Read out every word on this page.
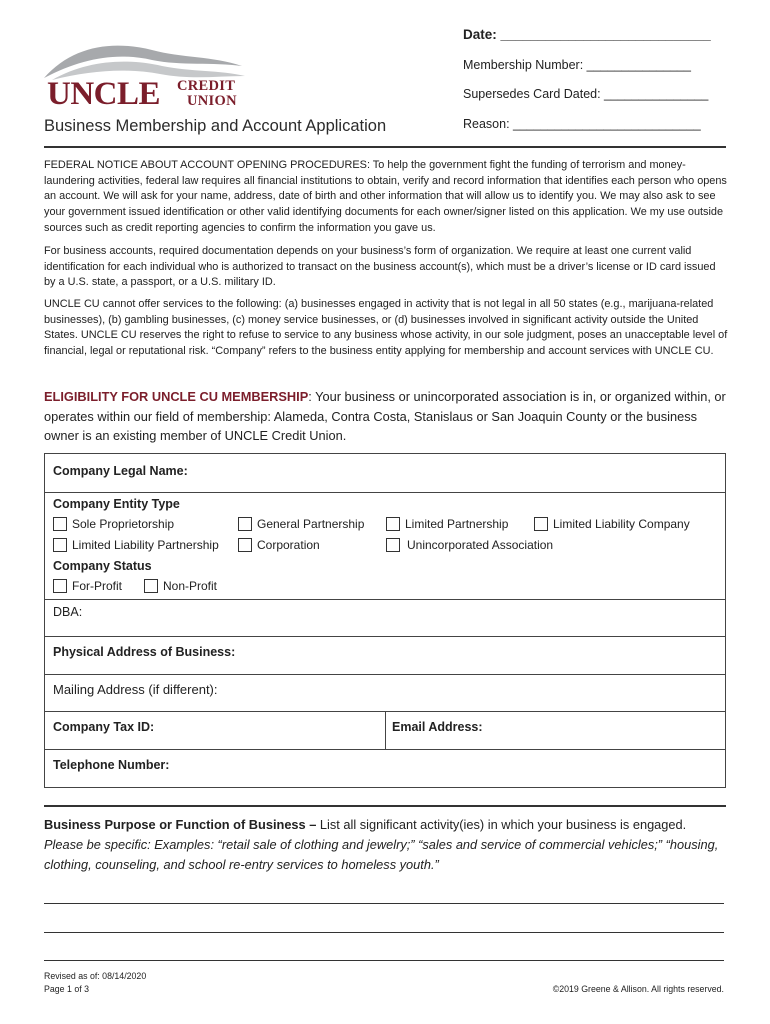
UNCLE CREDIT
UNION
Business Membership and Account Application
Date: ____________________________
Membership Number: _______________
Supersedes Card Dated: _______________
Reason: ___________________________
FEDERAL NOTICE ABOUT ACCOUNT OPENING PROCEDURES: To help the government fight the funding of terrorism and money-laundering activities, federal law requires all financial institutions to obtain, verify and record information that identifies each person who opens an account. We will ask for your name, address, date of birth and other information that will allow us to identify you. We may also ask to see your government issued identification or other valid identifying documents for each owner/signer listed on this application. We my use outside sources such as credit reporting agencies to confirm the information you gave us.
For business accounts, required documentation depends on your business’s form of organization. We require at least one current valid identification for each individual who is authorized to transact on the business account(s), which must be a driver’s license or ID card issued by a U.S. state, a passport, or a U.S. military ID.
UNCLE CU cannot offer services to the following: (a) businesses engaged in activity that is not legal in all 50 states (e.g., marijuana-related businesses), (b) gambling businesses, (c) money service businesses, or (d) businesses involved in significant activity outside the United States. UNCLE CU reserves the right to refuse to service to any business whose activity, in our sole judgment, poses an unacceptable level of financial, legal or reputational risk. “Company” refers to the business entity applying for membership and account services with UNCLE CU.
ELIGIBILITY FOR UNCLE CU MEMBERSHIP: Your business or unincorporated association is in, or organized within, or operates within our field of membership: Alameda, Contra Costa, Stanislaus or San Joaquin County or the business owner is an existing member of UNCLE Credit Union.
Company Legal Name:
Company Entity Type
Sole Proprietorship	General Partnership	Limited Partnership	Limited Liability Company
Limited Liability Partnership	Corporation	Unincorporated Association
Company Status
For-Profit	Non-Profit
DBA:
Physical Address of Business:
Mailing Address (if different):
Company Tax ID:	Email Address:
Telephone Number:
Business Purpose or Function of Business – List all significant activity(ies) in which your business is engaged.
Please be specific: Examples: “retail sale of clothing and jewelry;” “sales and service of commercial vehicles;” “housing, clothing, counseling, and school re-entry services to homeless youth.”
Revised as of: 08/14/2020
Page 1 of 3	©2019 Greene & Allison. All rights reserved.
